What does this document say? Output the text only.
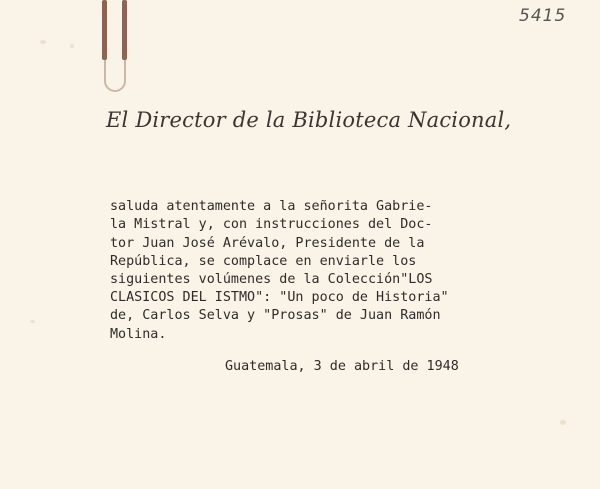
5415
El Director de la Biblioteca Nacional,

saluda atentamente a la señorita Gabrie-
la Mistral y, con instrucciones del Doc-
tor Juan José Arévalo, Presidente de la
República, se complace en enviarle los
siguientes volúmenes de la Colección"LOS
CLASICOS DEL ISTMO": "Un poco de Historia"
de, Carlos Selva y "Prosas" de Juan Ramón
Molina.
Guatemala, 3 de abril de 1948
